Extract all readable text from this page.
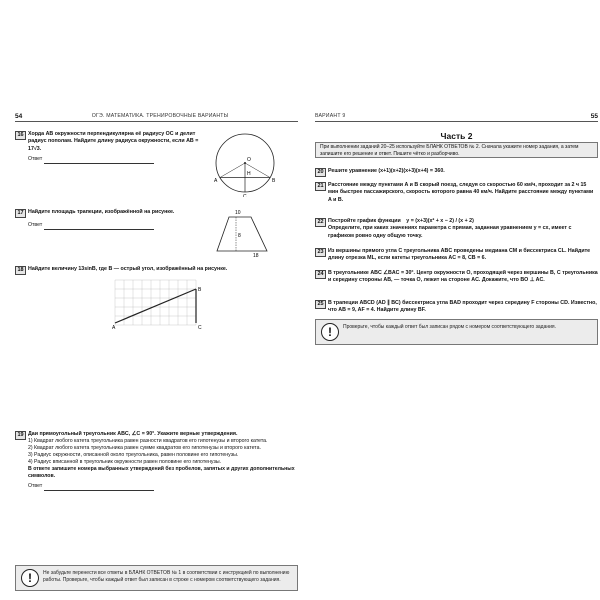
54	ОГЭ. МАТЕМАТИКА. ТРЕНИРОВОЧНЫЕ ВАРИАНТЫ
16 Хорда AB окружности перпендикулярна её радиусу OC и делит радиус пополам. Найдите длину радиуса окружности, если AB = 17√3.
Ответ	O
H
A	B
C
17 Найдите площадь трапеции, изображённой на рисунке.
Ответ
10
8
18
18 Найдите величину 13sinB, где B — острый угол, изображённый на рисунке.
A
B
C
19 Даи прямоугольный треугольник ABC, ∠C = 90°. Укажите верные утверждения.
1) Квадрат любого катета треугольника равен разности квадратов его гипотенузы и второго катета.
2) Квадрат любого катета треугольника равен сумме квадратов его гипотенузы и второго катета.
3) Радиус окружности, описанной около треугольника, равен половине его гипотенузы.
4) Радиус вписанной в треугольник окружности равен половине его гипотенузы.
В ответе запишите номера выбранных утверждений без пробелов, запятых и других дополнительных символов.
Ответ
!	Не забудьте перенести все ответы в БЛАНК ОТВЕТОВ № 1 в соответствии с инструкцией по выполнению работы. Проверьте, чтобы каждый ответ был записан в строке с номером соответствующего задания.
ВАРИАНТ 9	55
Часть 2
При выполнении заданий 20–25 используйте БЛАНК ОТВЕТОВ № 2. Сначала укажите номер задания, а затем запишите его решение и ответ. Пишите чётко и разборчиво.
20 Решите уравнение (x+1)(x+2)(x+3)(x+4) = 360.
21 Расстояние между пунктами A и B скорый поезд, следуя со скоростью 60 км/ч, проходит за 2 ч 15 мин быстрее пассажирского, скорость которого равна 40 км/ч. Найдите расстояние между пунктами A и B.
22 Постройте график функции y = (x+3)(x² + x − 2) / (x + 2)
Определите, при каких значениях параметра c прямая, заданная уравнением y = cx, имеет с графиком ровно одну общую точку.
23 Из вершины прямого угла C треугольника ABC проведены медиана CM и биссектриса CL. Найдите длину отрезка ML, если катеты треугольника AC = 8, CB = 6.
24 В треугольнике ABC ∠BAC = 30°. Центр окружности O, проходящей через вершины B, C треугольника и середину стороны AB, — точка O, лежит на стороне AC. Докажите, что BO ⊥ AC.
25 В трапеции ABCD (AD ∥ BC) биссектриса угла BAD проходит через середину F стороны CD. Известно, что AB = 9, AF = 4. Найдите длину BF.
!	Проверьте, чтобы каждый ответ был записан рядом с номером соответствующего задания.
